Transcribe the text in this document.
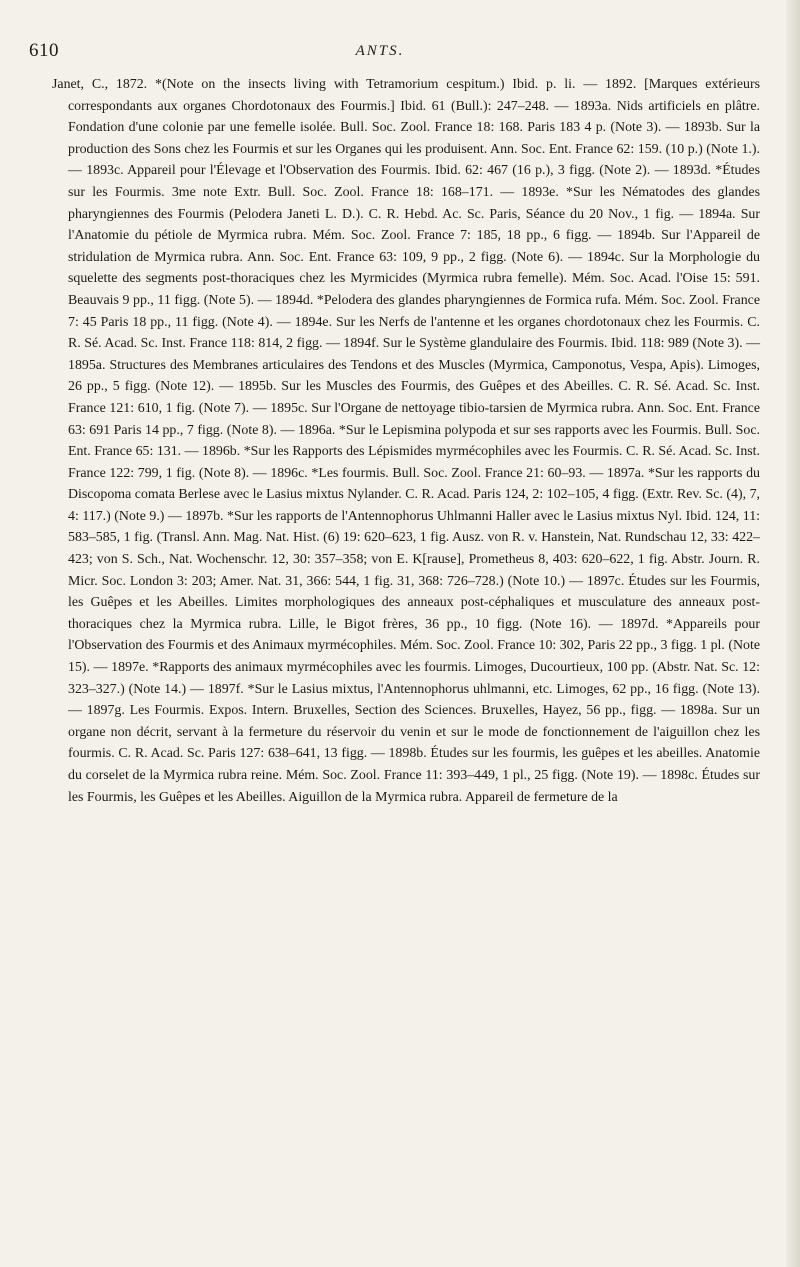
610	ANTS.

Janet, C., 1872. *(Note on the insects living with Tetramorium cespitum.) Ibid. p. li. — 1892. [Marques extérieurs correspondants aux organes Chordotonaux des Fourmis.] Ibid. 61 (Bull.): 247–248. — 1893a. Nids artificiels en plâtre. Fondation d'une colonie par une femelle isolée. Bull. Soc. Zool. France 18: 168. Paris 183 4 p. (Note 3). — 1893b. Sur la production des Sons chez les Fourmis et sur les Organes qui les produisent. Ann. Soc. Ent. France 62: 159. (10 p.) (Note 1.). — 1893c. Appareil pour l'Élevage et l'Observation des Fourmis. Ibid. 62: 467 (16 p.), 3 figg. (Note 2). — 1893d. *Études sur les Fourmis. 3me note Extr. Bull. Soc. Zool. France 18: 168–171. — 1893e. *Sur les Nématodes des glandes pharyngiennes des Fourmis (Pelodera Janeti L. D.). C. R. Hebd. Ac. Sc. Paris, Séance du 20 Nov., 1 fig. — 1894a. Sur l'Anatomie du pétiole de Myrmica rubra. Mém. Soc. Zool. France 7: 185, 18 pp., 6 figg. — 1894b. Sur l'Appareil de stridulation de Myrmica rubra. Ann. Soc. Ent. France 63: 109, 9 pp., 2 figg. (Note 6). — 1894c. Sur la Morphologie du squelette des segments post-thoraciques chez les Myrmicides (Myrmica rubra femelle). Mém. Soc. Acad. l'Oise 15: 591. Beauvais 9 pp., 11 figg. (Note 5). — 1894d. *Pelodera des glandes pharyngiennes de Formica rufa. Mém. Soc. Zool. France 7: 45 Paris 18 pp., 11 figg. (Note 4). — 1894e. Sur les Nerfs de l'antenne et les organes chordotonaux chez les Fourmis. C. R. Sé. Acad. Sc. Inst. France 118: 814, 2 figg. — 1894f. Sur le Système glandulaire des Fourmis. Ibid. 118: 989 (Note 3). — 1895a. Structures des Membranes articulaires des Tendons et des Muscles (Myrmica, Camponotus, Vespa, Apis). Limoges, 26 pp., 5 figg. (Note 12). — 1895b. Sur les Muscles des Fourmis, des Guêpes et des Abeilles. C. R. Sé. Acad. Sc. Inst. France 121: 610, 1 fig. (Note 7). — 1895c. Sur l'Organe de nettoyage tibio-tarsien de Myrmica rubra. Ann. Soc. Ent. France 63: 691 Paris 14 pp., 7 figg. (Note 8). — 1896a. *Sur le Lepismina polypoda et sur ses rapports avec les Fourmis. Bull. Soc. Ent. France 65: 131. — 1896b. *Sur les Rapports des Lépismides myrmécophiles avec les Fourmis. C. R. Sé. Acad. Sc. Inst. France 122: 799, 1 fig. (Note 8). — 1896c. *Les fourmis. Bull. Soc. Zool. France 21: 60–93. — 1897a. *Sur les rapports du Discopoma comata Berlese avec le Lasius mixtus Nylander. C. R. Acad. Paris 124, 2: 102–105, 4 figg. (Extr. Rev. Sc. (4), 7, 4: 117.) (Note 9.) — 1897b. *Sur les rapports de l'Antennophorus Uhlmanni Haller avec le Lasius mixtus Nyl. Ibid. 124, 11: 583–585, 1 fig. (Transl. Ann. Mag. Nat. Hist. (6) 19: 620–623, 1 fig. Ausz. von R. v. Hanstein, Nat. Rundschau 12, 33: 422–423; von S. Sch., Nat. Wochenschr. 12, 30: 357–358; von E. K[rause], Prometheus 8, 403: 620–622, 1 fig. Abstr. Journ. R. Micr. Soc. London 3: 203; Amer. Nat. 31, 366: 544, 1 fig. 31, 368: 726–728.) (Note 10.) — 1897c. Études sur les Fourmis, les Guêpes et les Abeilles. Limites morphologiques des anneaux post-céphaliques et musculature des anneaux post-thoraciques chez la Myrmica rubra. Lille, le Bigot frères, 36 pp., 10 figg. (Note 16). — 1897d. *Appareils pour l'Observation des Fourmis et des Animaux myrmécophiles. Mém. Soc. Zool. France 10: 302, Paris 22 pp., 3 figg. 1 pl. (Note 15). — 1897e. *Rapports des animaux myrmécophiles avec les fourmis. Limoges, Ducourtieux, 100 pp. (Abstr. Nat. Sc. 12: 323–327.) (Note 14.) — 1897f. *Sur le Lasius mixtus, l'Antennophorus uhlmanni, etc. Limoges, 62 pp., 16 figg. (Note 13). — 1897g. Les Fourmis. Expos. Intern. Bruxelles, Section des Sciences. Bruxelles, Hayez, 56 pp., figg. — 1898a. Sur un organe non décrit, servant à la fermeture du réservoir du venin et sur le mode de fonctionnement de l'aiguillon chez les fourmis. C. R. Acad. Sc. Paris 127: 638–641, 13 figg. — 1898b. Études sur les fourmis, les guêpes et les abeilles. Anatomie du corselet de la Myrmica rubra reine. Mém. Soc. Zool. France 11: 393–449, 1 pl., 25 figg. (Note 19). — 1898c. Études sur les Fourmis, les Guêpes et les Abeilles. Aiguillon de la Myrmica rubra. Appareil de fermeture de la
